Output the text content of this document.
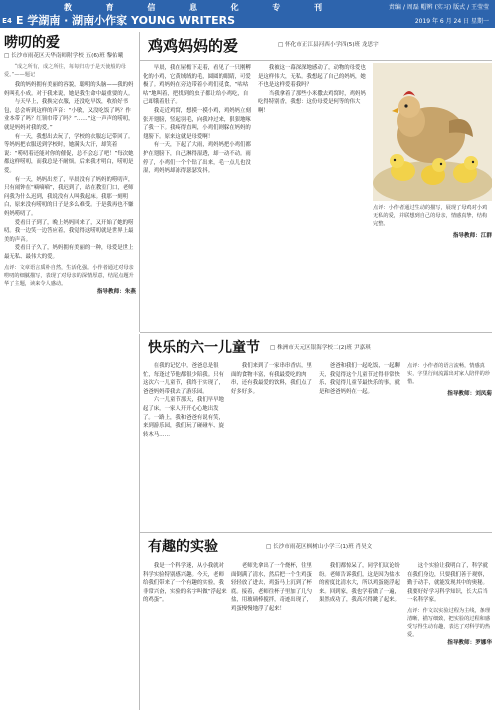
E4
教	育	信	息	化	专	刊
E 学湖南 · 湖南小作家 YOUNG WRITERS
责编 / 周磊 帽辨 (实习) 版式 / 王莹莹
2019 年 6 月 24 日 星期一
唠叨的爱
□ 长沙市雨花区天华南师附学校 五(6)班 黎佑曦

“成之所有，成之所往，每每归功于是天使般的母爱。”——题记

我的妈妈拥有美丽的容貌，聪明的头脑——我的妈妈叫孔小成。对于我来说，她是我生命中最重要的人。

与天早上，我换完衣服，还没吃早饭，收拾好书包，总会听到这样的声音：“小敏，又没吃饭了吗？作业本带了吗？红领巾带了吗？”……“这一声声的唠叨，就是妈妈对我的爱。”

有一天，我想出去玩了，学校的衣服忘记带回了。等妈妈把衣服送到学校时，她满头大汗，却笑着说：“唠叨着还能对你的催促，总不会忘了吧！”每次她都这样唠叨，而我总是不耐烦。后来我才明白，唠叨是爱。

有一天，妈妈出差了，早晨没有了妈妈的唠叨声，只有闹钟在“嘀嘀嘀”，我迟到了，站在教室门口，老师问我为什么迟到，我说没有人叫我起床。我那一刻明白，原来没有唠叨的日子是多么难受。于是我再也不嫌妈妈唠叨了。

爱看日子到了，晚上妈妈回来了，又开始了她的唠叨。我一边笑一边答应着，我觉得这唠叨就是世界上最美的声音。

爱看日子久了，妈妈拥有美丽的一种，母爱是世上最无私、最伟大的爱。

点评：文章语言质朴自然，生活化强。小作者通过对母亲唠叨的细腻描写，表现了对母亲的深情厚意，结尾点题升华了主题，读来令人感动。

指导教师：朱燕
鸡鸡妈妈的爱	□ 怀化市正江县河西小学四(5)班 龙思宇

早晨，我在屋檐下走着，看见了一只刚孵化的小鸡，它黄绒绒的毛，圆圆的眼睛，可爱极了。鸡妈妈在旁边带着小鸡们觅食，“咕咕咕”地叫着，把找到的虫子都让给小鸡吃，自己却饿着肚子。

我走近鸡窝，想摸一摸小鸡，鸡妈妈立刻张开翅膀，竖起羽毛，向我冲过来，狠狠地啄了我一下。我疼得直叫，小鸡们则躲在妈妈的翅膀下。原来这就是母爱啊！

有一天，下起了大雨，鸡妈妈把小鸡们都护在翅膀下，自己淋得湿透，却一动不动。雨停了，小鸡们一个个钻了出来，毛一点儿也没湿，鸡妈妈却冻得瑟瑟发抖。

我被这一幕深深地感动了，动物的母爱也是这样伟大，无私。我想起了自己的妈妈，她不也是这样爱着我吗？

当我拿着了那些小米撒去鸡窝时，鸡妈妈吃得特别香，我想：这份母爱是何等的伟大啊！

点评：小作者通过生动的描写，展现了母鸡对小鸡无私的爱，并联想到自己的母亲，情感真挚，结构完整。

指导教师：江群
快乐的六一儿童节	□ 株洲市天元区银海学校二(2)班 尹嘉琪

在我的记忆中，爸爸总是很忙，每逢过节他都很少陪我。只有这次六一儿童节，我终于实现了，爸爸妈妈带我去了游乐园。

六一儿童节那天，我们早早地起了床，一家人开开心心地出发了。一路上，我和爸爸有说有笑，来到游乐园，我们玩了碰碰车、旋转木马……

我们来到了一家串串香店，里面的食物丰富，有我最爱吃的肉串，还有我最爱的饮料，我们点了好多好多。

爸爸和我们一起吃饭，一起聊天，我觉得这个儿童节过得非常快乐，我觉得儿童节最快乐的事，就是和爸爸妈妈在一起。

点评：小作者的语言流畅，情感真实，字里行间流露出对家人陪伴的珍惜。

指导教师：刘凤菊
有趣的实验	□ 长沙市雨花区枫树山小学三(1)班 肖昊文

我是一个科学迷，从小我就对科学实验特别感兴趣。今天，老师给我们带来了一个有趣的实验，我非常兴奋，实验的名字叫做“浮起来的鸡蛋”。

老师先拿出了一个烧杯，往里面倒满了清水，然后把一个生鸡蛋轻轻放了进去，鸡蛋马上沉到了杯底。接着，老师往杯子里加了几勺盐，用玻璃棒搅拌，奇迹出现了，鸡蛋慢慢地浮了起来！

我们都惊呆了，同学们议论纷纷。老师告诉我们，这是因为盐水的密度比清水大，所以鸡蛋能浮起来。回到家，我也学着做了一遍，果然成功了，我高兴得跳了起来。

这个实验让我明白了，科学就在我们身边，只要我们善于观察，勤于动手，就能发现其中的奥秘。我要好好学习科学知识，长大后当一名科学家。

点评：作文以实验过程为主线，条理清晰，描写细致，把实验的过程和感受写得生动有趣，表达了对科学的热爱。

指导教师：罗娜华
